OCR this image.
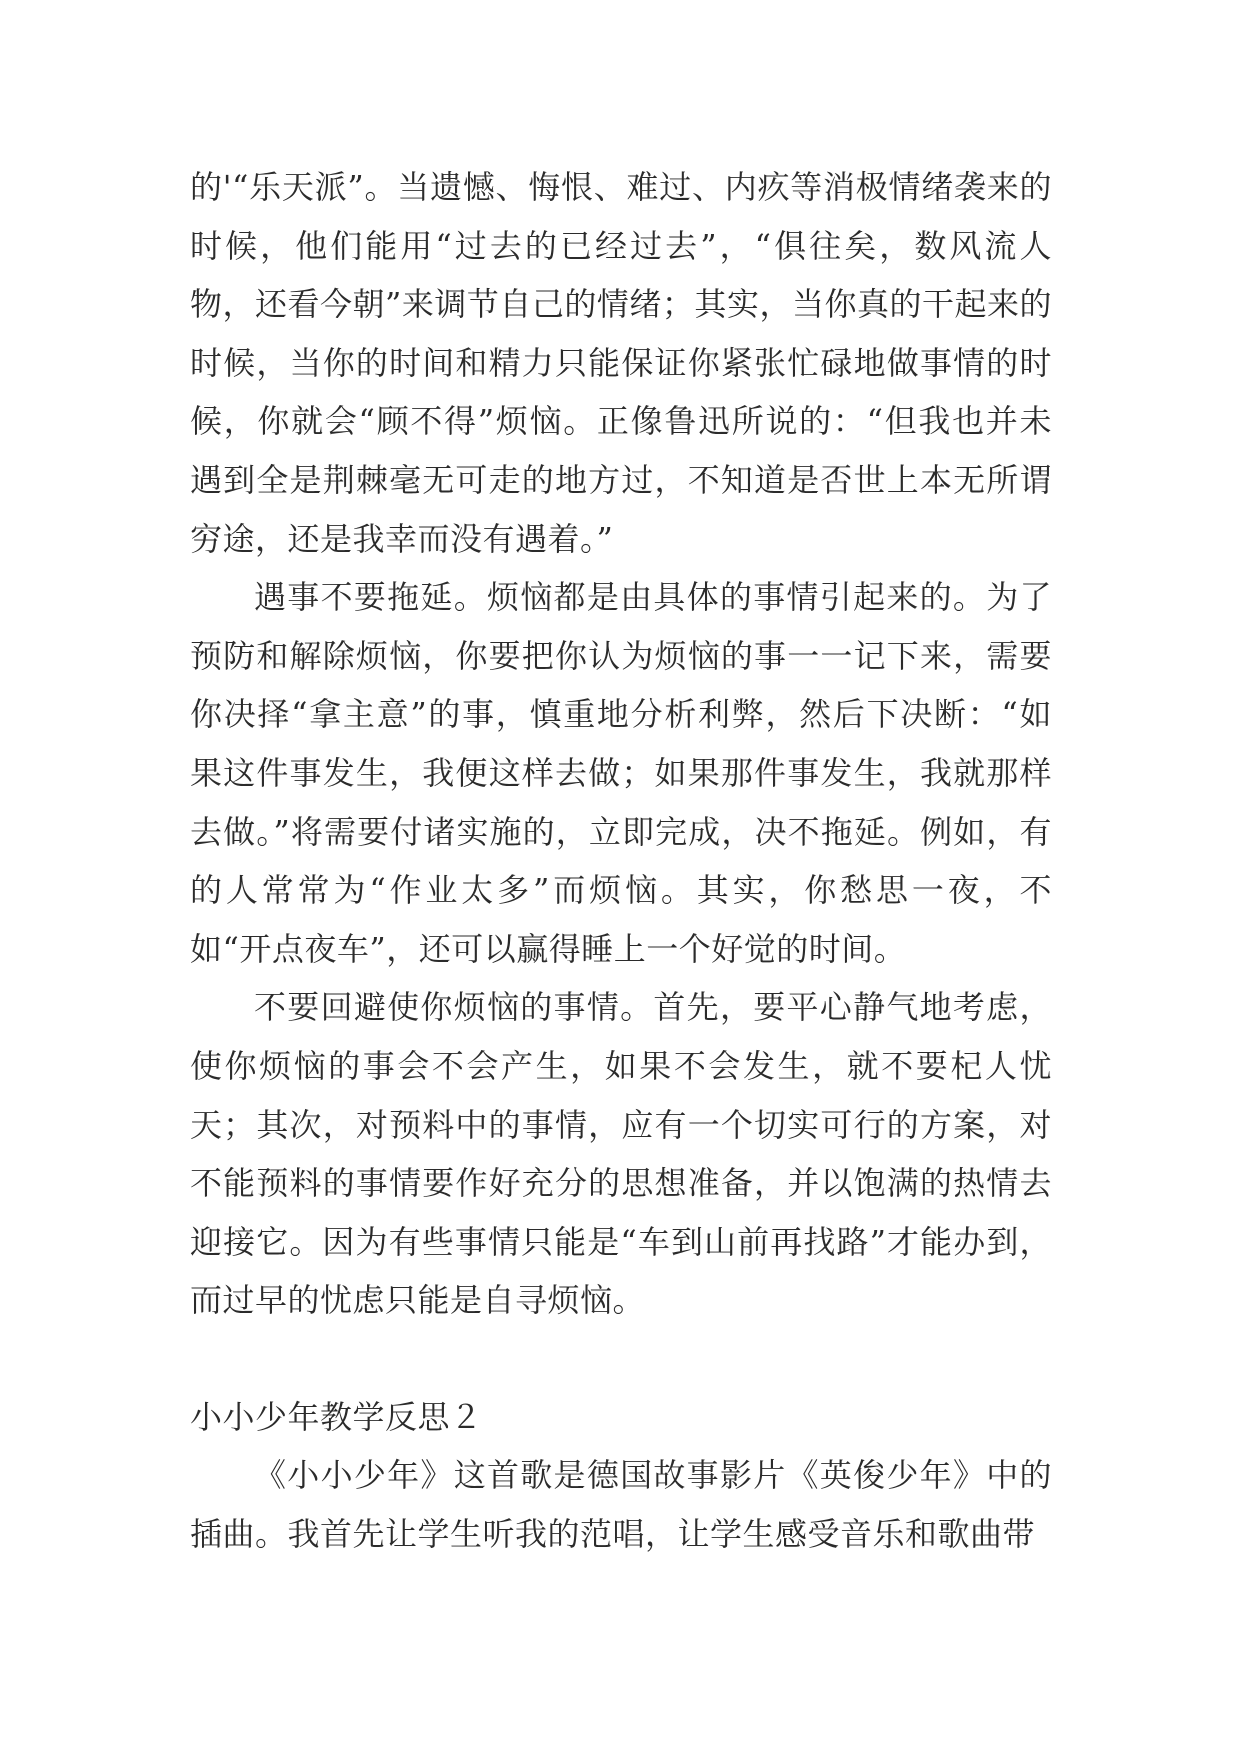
的'“乐天派”。当遗憾、悔恨、难过、内疚等消极情绪袭来的时候，他们能用“过去的已经过去”，“俱往矣，数风流人物，还看今朝”来调节自己的情绪；其实，当你真的干起来的时候，当你的时间和精力只能保证你紧张忙碌地做事情的时候，你就会“顾不得”烦恼。正像鲁迅所说的：“但我也并未遇到全是荆棘毫无可走的地方过，不知道是否世上本无所谓穷途，还是我幸而没有遇着。”

遇事不要拖延。烦恼都是由具体的事情引起来的。为了预防和解除烦恼，你要把你认为烦恼的事一一记下来，需要你决择“拿主意”的事，慎重地分析利弊，然后下决断：“如果这件事发生，我便这样去做；如果那件事发生，我就那样去做。”将需要付诸实施的，立即完成，决不拖延。例如，有的人常常为“作业太多”而烦恼。其实，你愁思一夜，不如“开点夜车”，还可以赢得睡上一个好觉的时间。

不要回避使你烦恼的事情。首先，要平心静气地考虑，使你烦恼的事会不会产生，如果不会发生，就不要杞人忧天；其次，对预料中的事情，应有一个切实可行的方案，对不能预料的事情要作好充分的思想准备，并以饱满的热情去迎接它。因为有些事情只能是“车到山前再找路”才能办到，而过早的忧虑只能是自寻烦恼。

小小少年教学反思２

《小小少年》这首歌是德国故事影片《英俊少年》中的插曲。我首先让学生听我的范唱，让学生感受音乐和歌曲带
